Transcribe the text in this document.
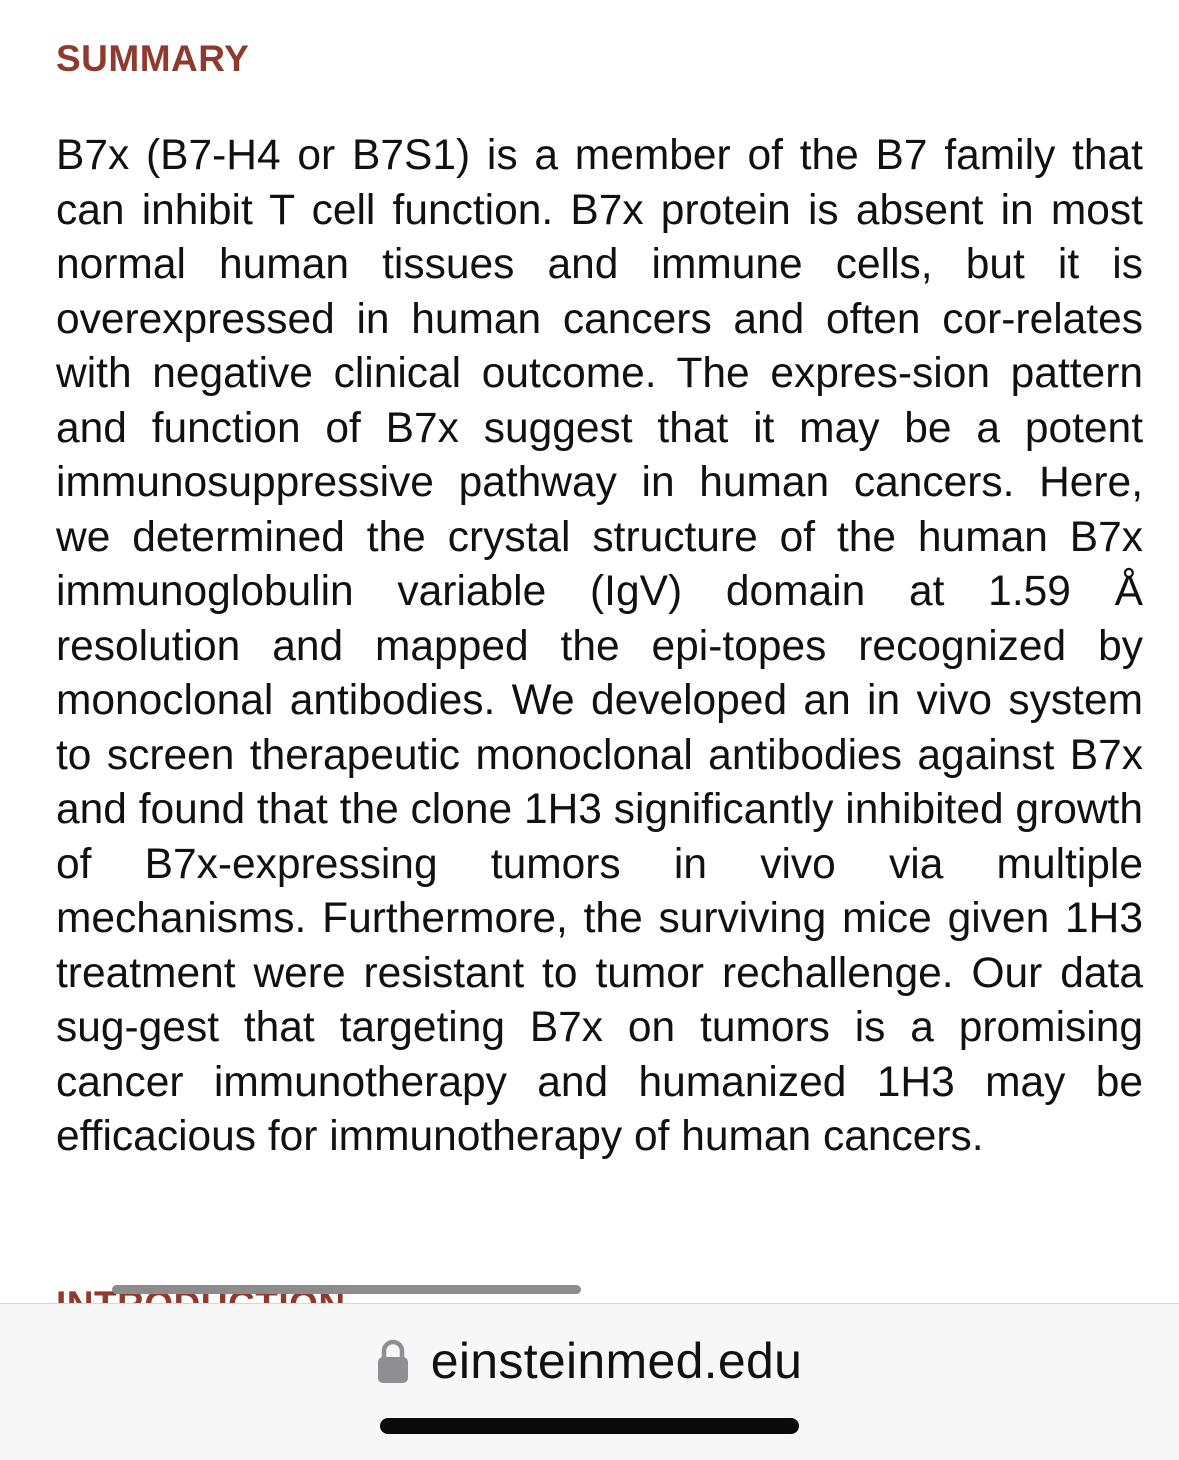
SUMMARY

B7x (B7-H4 or B7S1) is a member of the B7 family that can inhibit T cell function. B7x protein is absent in most normal human tissues and immune cells, but it is overexpressed in human cancers and often cor-relates with negative clinical outcome. The expres-sion pattern and function of B7x suggest that it may be a potent immunosuppressive pathway in human cancers. Here, we determined the crystal structure of the human B7x immunoglobulin variable (IgV) domain at 1.59 Å resolution and mapped the epi-topes recognized by monoclonal antibodies. We developed an in vivo system to screen therapeutic monoclonal antibodies against B7x and found that the clone 1H3 significantly inhibited growth of B7x-expressing tumors in vivo via multiple mechanisms. Furthermore, the surviving mice given 1H3 treatment were resistant to tumor rechallenge. Our data sug-gest that targeting B7x on tumors is a promising cancer immunotherapy and humanized 1H3 may be efficacious for immunotherapy of human cancers.

einsteinmed.edu
